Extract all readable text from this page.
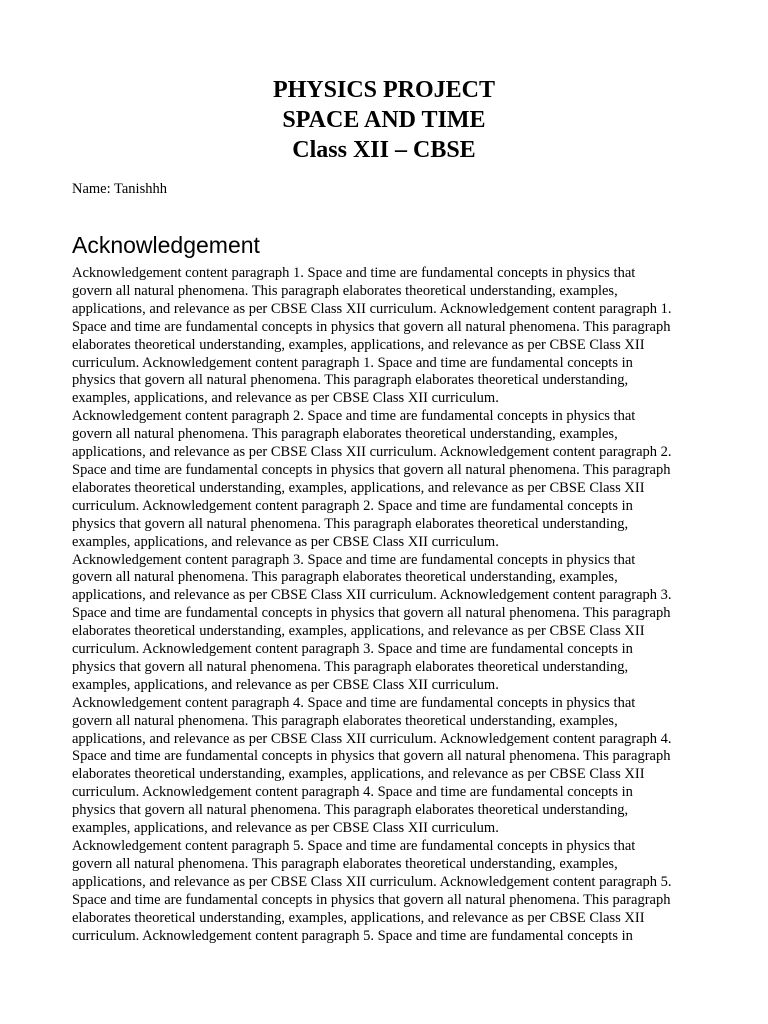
PHYSICS PROJECT
SPACE AND TIME
Class XII – CBSE
Name: Tanishhh
Acknowledgement

Acknowledgement content paragraph 1. Space and time are fundamental concepts in physics that
govern all natural phenomena. This paragraph elaborates theoretical understanding, examples,
applications, and relevance as per CBSE Class XII curriculum. Acknowledgement content paragraph 1.
Space and time are fundamental concepts in physics that govern all natural phenomena. This paragraph
elaborates theoretical understanding, examples, applications, and relevance as per CBSE Class XII
curriculum. Acknowledgement content paragraph 1. Space and time are fundamental concepts in
physics that govern all natural phenomena. This paragraph elaborates theoretical understanding,
examples, applications, and relevance as per CBSE Class XII curriculum.

Acknowledgement content paragraph 2. Space and time are fundamental concepts in physics that
govern all natural phenomena. This paragraph elaborates theoretical understanding, examples,
applications, and relevance as per CBSE Class XII curriculum. Acknowledgement content paragraph 2.
Space and time are fundamental concepts in physics that govern all natural phenomena. This paragraph
elaborates theoretical understanding, examples, applications, and relevance as per CBSE Class XII
curriculum. Acknowledgement content paragraph 2. Space and time are fundamental concepts in
physics that govern all natural phenomena. This paragraph elaborates theoretical understanding,
examples, applications, and relevance as per CBSE Class XII curriculum.

Acknowledgement content paragraph 3. Space and time are fundamental concepts in physics that
govern all natural phenomena. This paragraph elaborates theoretical understanding, examples,
applications, and relevance as per CBSE Class XII curriculum. Acknowledgement content paragraph 3.
Space and time are fundamental concepts in physics that govern all natural phenomena. This paragraph
elaborates theoretical understanding, examples, applications, and relevance as per CBSE Class XII
curriculum. Acknowledgement content paragraph 3. Space and time are fundamental concepts in
physics that govern all natural phenomena. This paragraph elaborates theoretical understanding,
examples, applications, and relevance as per CBSE Class XII curriculum.

Acknowledgement content paragraph 4. Space and time are fundamental concepts in physics that
govern all natural phenomena. This paragraph elaborates theoretical understanding, examples,
applications, and relevance as per CBSE Class XII curriculum. Acknowledgement content paragraph 4.
Space and time are fundamental concepts in physics that govern all natural phenomena. This paragraph
elaborates theoretical understanding, examples, applications, and relevance as per CBSE Class XII
curriculum. Acknowledgement content paragraph 4. Space and time are fundamental concepts in
physics that govern all natural phenomena. This paragraph elaborates theoretical understanding,
examples, applications, and relevance as per CBSE Class XII curriculum.

Acknowledgement content paragraph 5. Space and time are fundamental concepts in physics that
govern all natural phenomena. This paragraph elaborates theoretical understanding, examples,
applications, and relevance as per CBSE Class XII curriculum. Acknowledgement content paragraph 5.
Space and time are fundamental concepts in physics that govern all natural phenomena. This paragraph
elaborates theoretical understanding, examples, applications, and relevance as per CBSE Class XII
curriculum. Acknowledgement content paragraph 5. Space and time are fundamental concepts in
